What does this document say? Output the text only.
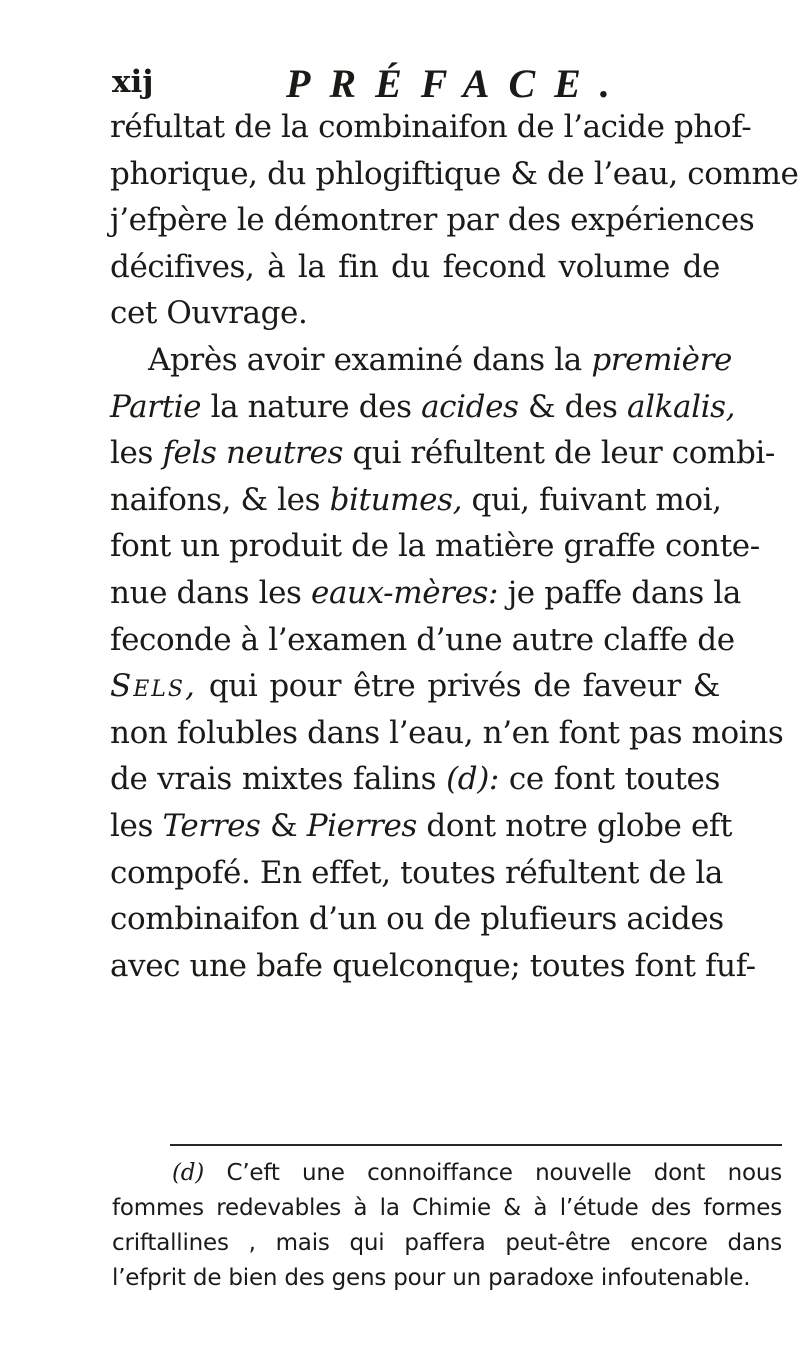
xij	PRÉFACE.
réfultat de la combinaifon de l’acide phof-
phorique, du phlogiftique & de l’eau, comme
j’efpère le démontrer par des expériences
décifives, à la fin du fecond volume de
cet Ouvrage.
Après avoir examiné dans la première
Partie la nature des acides & des alkalis,
les fels neutres qui réfultent de leur combi-
naifons, & les bitumes, qui, fuivant moi,
font un produit de la matière graffe conte-
nue dans les eaux-mères: je paffe dans la
feconde à l’examen d’une autre claffe de
Sels, qui pour être privés de faveur &
non folubles dans l’eau, n’en font pas moins
de vrais mixtes falins (d): ce font toutes
les Terres & Pierres dont notre globe eft
compofé. En effet, toutes réfultent de la
combinaifon d’un ou de plufieurs acides
avec une bafe quelconque; toutes font fuf-
(d) C’eft une connoiffance nouvelle dont nous
fommes redevables à la Chimie & à l’étude des formes
criftallines , mais qui paffera peut-être encore dans
l’efprit de bien des gens pour un paradoxe infoutenable.
